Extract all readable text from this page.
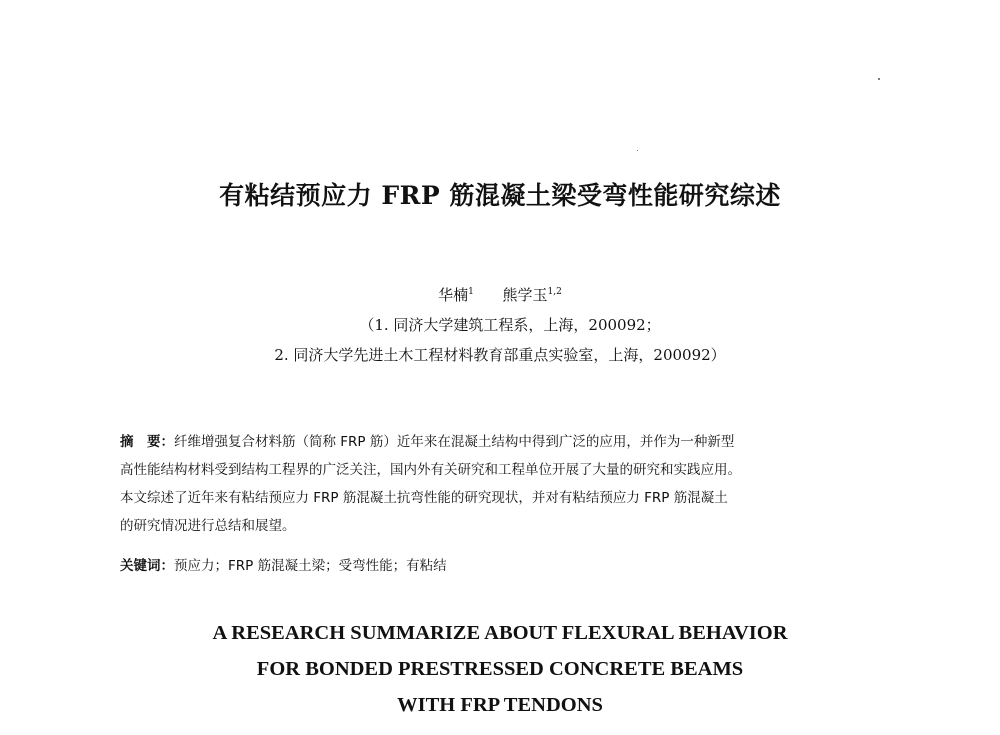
有粘结预应力 FRP 筋混凝土梁受弯性能研究综述
华楠$^1$ 熊学玉$^{1,2}$
（1. 同济大学建筑工程系，上海，200092；
2. 同济大学先进土木工程材料教育部重点实验室，上海，200092）
摘　要：纤维增强复合材料筋（简称 FRP 筋）近年来在混凝土结构中得到广泛的应用，并作为一种新型
高性能结构材料受到结构工程界的广泛关注，国内外有关研究和工程单位开展了大量的研究和实践应用。
本文综述了近年来有粘结预应力 FRP 筋混凝土抗弯性能的研究现状，并对有粘结预应力 FRP 筋混凝土
的研究情况进行总结和展望。
关键词：预应力；FRP 筋混凝土梁；受弯性能；有粘结
A RESEARCH SUMMARIZE ABOUT FLEXURAL BEHAVIOR
FOR BONDED PRESTRESSED CONCRETE BEAMS
WITH FRP TENDONS
